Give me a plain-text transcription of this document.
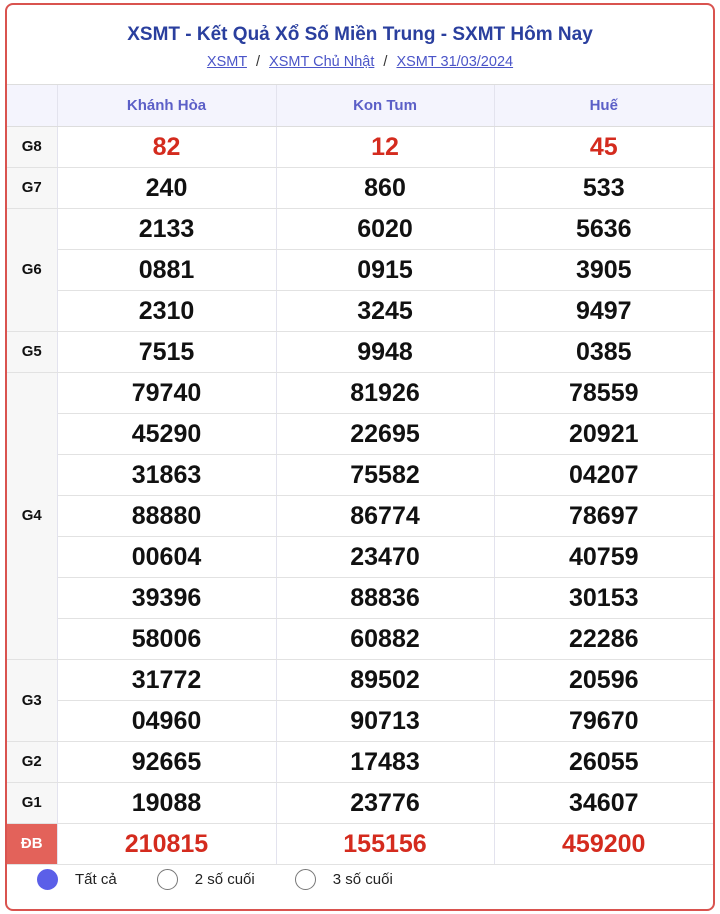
XSMT - Kết Quả Xổ Số Miền Trung - SXMT Hôm Nay
XSMT / XSMT Chủ Nhật / XSMT 31/03/2024
	Khánh Hòa	Kon Tum	Huế
G8	82	12	45

G7	240	860	533

G6	2133	6020	5636

	0881	0915	3905

	2310	3245	9497

G5	7515	9948	0385

G4	79740	81926	78559

	45290	22695	20921

	31863	75582	04207

	88880	86774	78697

	00604	23470	40759

	39396	88836	30153

	58006	60882	22286

G3	31772	89502	20596

	04960	90713	79670

G2	92665	17483	26055

G1	19088	23776	34607

ĐB	210815	155156	459200
Tất cả	2 số cuối	3 số cuối
